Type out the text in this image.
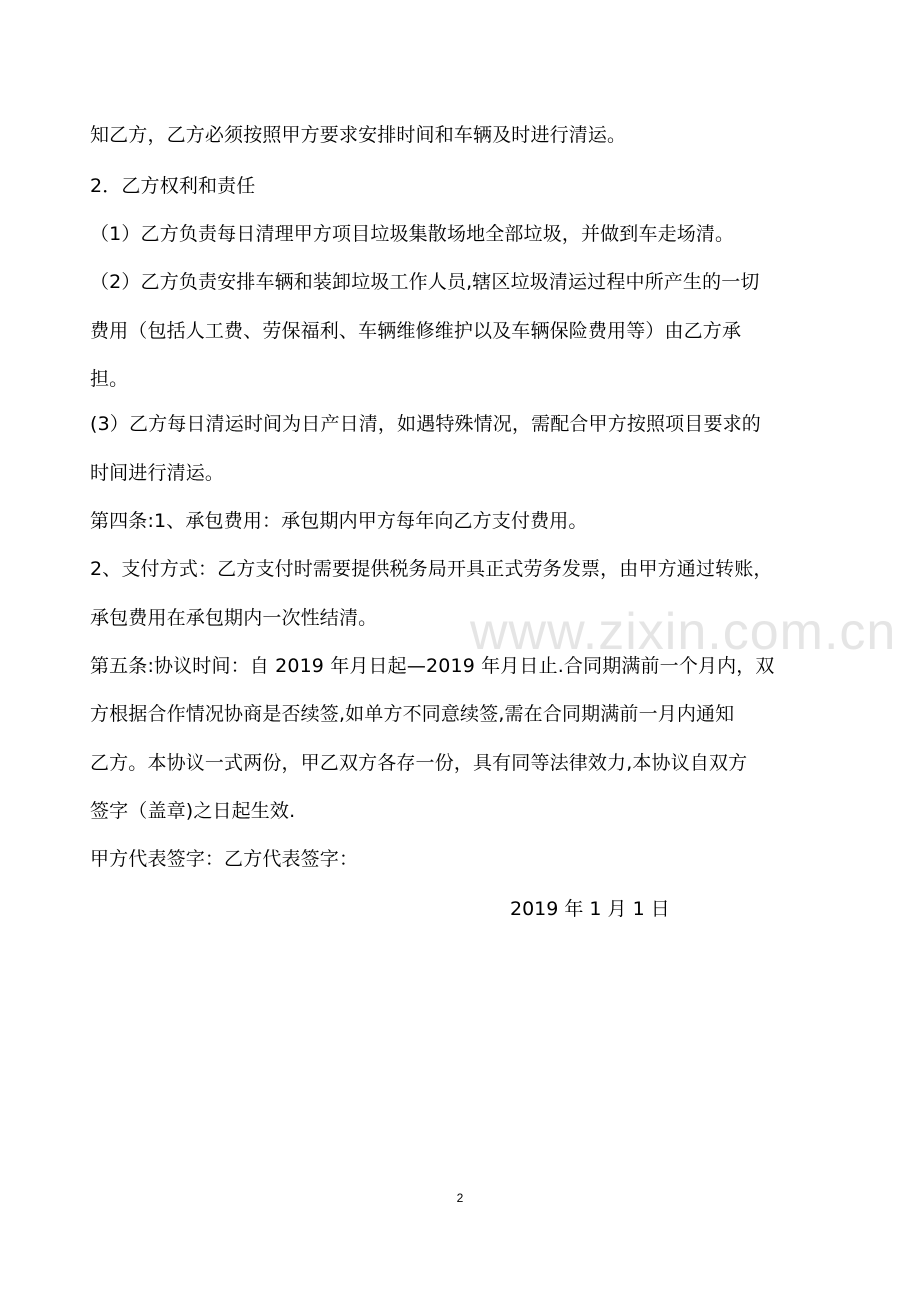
知乙方，乙方必须按照甲方要求安排时间和车辆及时进行清运。
2．乙方权利和责任
（1）乙方负责每日清理甲方项目垃圾集散场地全部垃圾，并做到车走场清。
（2）乙方负责安排车辆和装卸垃圾工作人员,辖区垃圾清运过程中所产生的一切
费用（包括人工费、劳保福利、车辆维修维护以及车辆保险费用等）由乙方承
担。
(3）乙方每日清运时间为日产日清，如遇特殊情况，需配合甲方按照项目要求的
时间进行清运。
第四条:1、承包费用：承包期内甲方每年向乙方支付费用。
2、支付方式：乙方支付时需要提供税务局开具正式劳务发票，由甲方通过转账，
承包费用在承包期内一次性结清。
第五条:协议时间：自 2019 年月日起—2019 年月日止.合同期满前一个月内，双
方根据合作情况协商是否续签,如单方不同意续签,需在合同期满前一月内通知
乙方。本协议一式两份，甲乙双方各存一份，具有同等法律效力,本协议自双方
签字（盖章)之日起生效.
甲方代表签字：乙方代表签字：
2019 年 1 月 1 日
www.zixin.com.cn
2
